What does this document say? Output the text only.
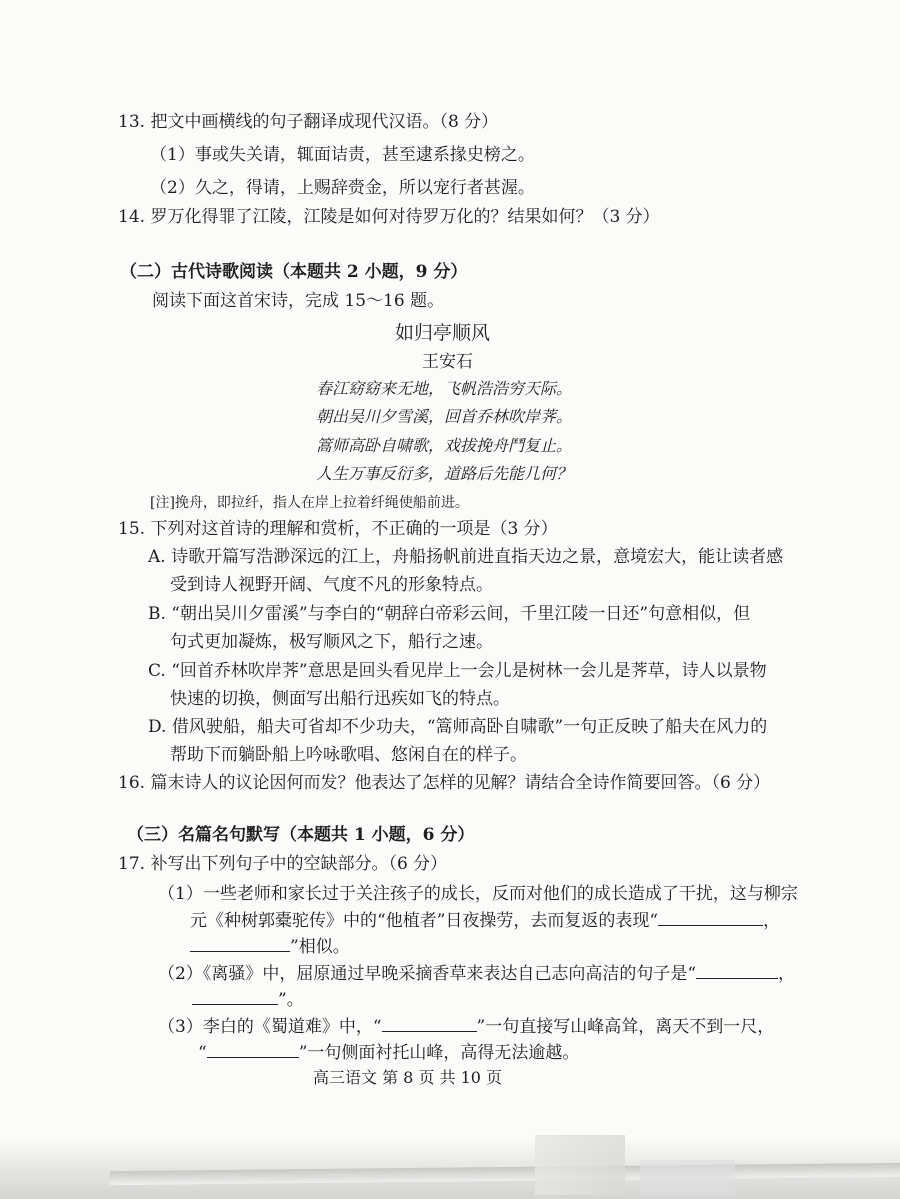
13. 把文中画横线的句子翻译成现代汉语。（8 分）
（1）事或失关请，辄面诘责，甚至逮系掾史榜之。
（2）久之，得请，上赐辞赍金，所以宠行者甚渥。
14. 罗万化得罪了江陵，江陵是如何对待罗万化的？结果如何？（3 分）
（二）古代诗歌阅读（本题共 2 小题，9 分）
阅读下面这首宋诗，完成 15～16 题。
如归亭顺风
王安石
春江窈窈来无地，飞帆浩浩穷天际。
朝出吴川夕雪溪，回首乔林吹岸荠。
篙师高卧自啸歌，戏拔挽舟鬥复止。
人生万事反衍多，道路后先能几何？
[注]挽舟，即拉纤，指人在岸上拉着纤绳使船前进。
15. 下列对这首诗的理解和赏析，不正确的一项是（3 分）
A. 诗歌开篇写浩渺深远的江上，舟船扬帆前进直指天边之景，意境宏大，能让读者感
受到诗人视野开阔、气度不凡的形象特点。
B. “朝出吴川夕雷溪”与李白的“朝辞白帝彩云间，千里江陵一日还”句意相似，但
句式更加凝炼，极写顺风之下，船行之速。
C. “回首乔林吹岸荠”意思是回头看见岸上一会儿是树林一会儿是荠草，诗人以景物
快速的切换，侧面写出船行迅疾如飞的特点。
D. 借风驶船，船夫可省却不少功夫，“篙师高卧自啸歌”一句正反映了船夫在风力的
帮助下而躺卧船上吟咏歌唱、悠闲自在的样子。
16. 篇末诗人的议论因何而发？他表达了怎样的见解？请结合全诗作简要回答。（6 分）
（三）名篇名句默写（本题共 1 小题，6 分）
17. 补写出下列句子中的空缺部分。（6 分）
（1）一些老师和家长过于关注孩子的成长，反而对他们的成长造成了干扰，这与柳宗
元《种树郭橐驼传》中的“他植者”日夜操劳，去而复返的表现“	，
”相似。
（2）《离骚》中，屈原通过早晚采摘香草来表达自己志向高洁的句子是“	，
”。
（3）李白的《蜀道难》中，“	”一句直接写山峰高耸，离天不到一尺，
“	”一句侧面衬托山峰，高得无法逾越。
高三语文 第 8 页 共 10 页
